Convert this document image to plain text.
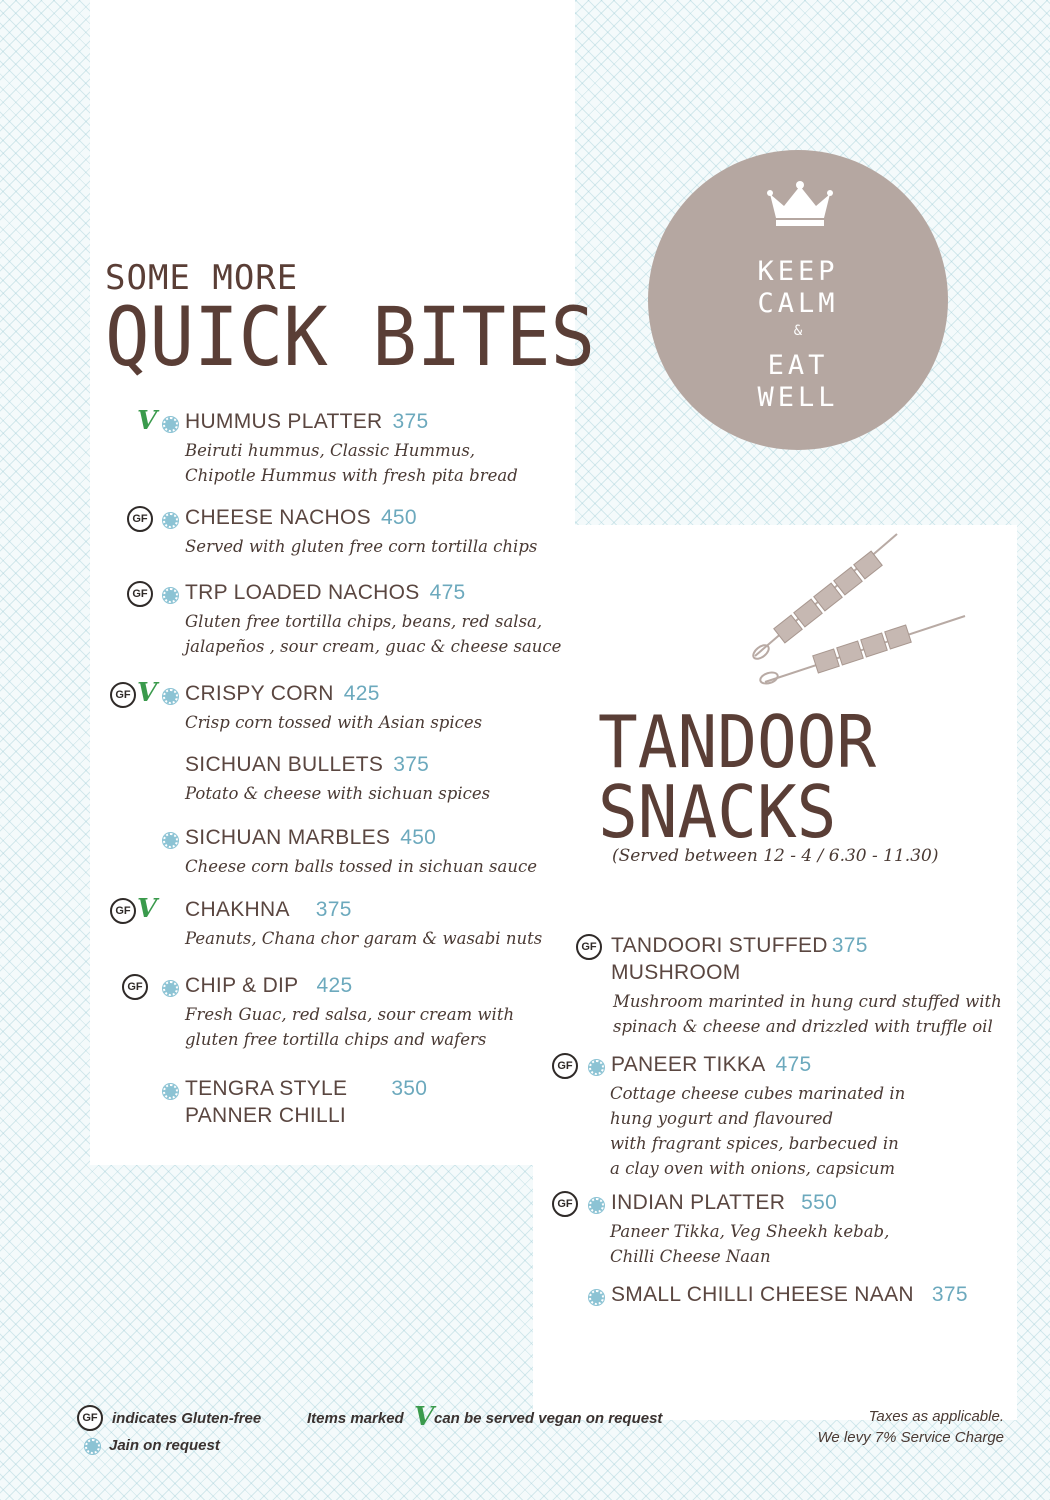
KEEP
CALM
&
EAT
WELL
SOME MORE
QUICK BITES
V HUMMUS PLATTER 375
Beiruti hummus, Classic Hummus,
Chipotle Hummus with fresh pita bread
GF CHEESE NACHOS 450
Served with gluten free corn tortilla chips
GF TRP LOADED NACHOS 475
Gluten free tortilla chips, beans, red salsa,
jalapeños , sour cream, guac & cheese sauce
GF V CRISPY CORN 425
Crisp corn tossed with Asian spices
SICHUAN BULLETS 375
Potato & cheese with sichuan spices
SICHUAN MARBLES 450
Cheese corn balls tossed in sichuan sauce
GF V CHAKHNA 375
Peanuts, Chana chor garam & wasabi nuts
GF CHIP & DIP 425
Fresh Guac, red salsa, sour cream with
gluten free tortilla chips and wafers
TENGRA STYLE 350
PANNER CHILLI
TANDOOR
SNACKS
(Served between 12 - 4 / 6.30 - 11.30)
GF TANDOORI STUFFED 375
MUSHROOM
Mushroom marinted in hung curd stuffed with
spinach & cheese and drizzled with truffle oil
GF PANEER TIKKA 475
Cottage cheese cubes marinated in
hung yogurt and flavoured
with fragrant spices, barbecued in
a clay oven with onions, capsicum
GF INDIAN PLATTER 550
Paneer Tikka, Veg Sheekh kebab,
Chilli Cheese Naan
SMALL CHILLI CHEESE NAAN 375
GF indicates Gluten-free	Items marked V can be served vegan on request
Jain on request
Taxes as applicable.
We levy 7% Service Charge
